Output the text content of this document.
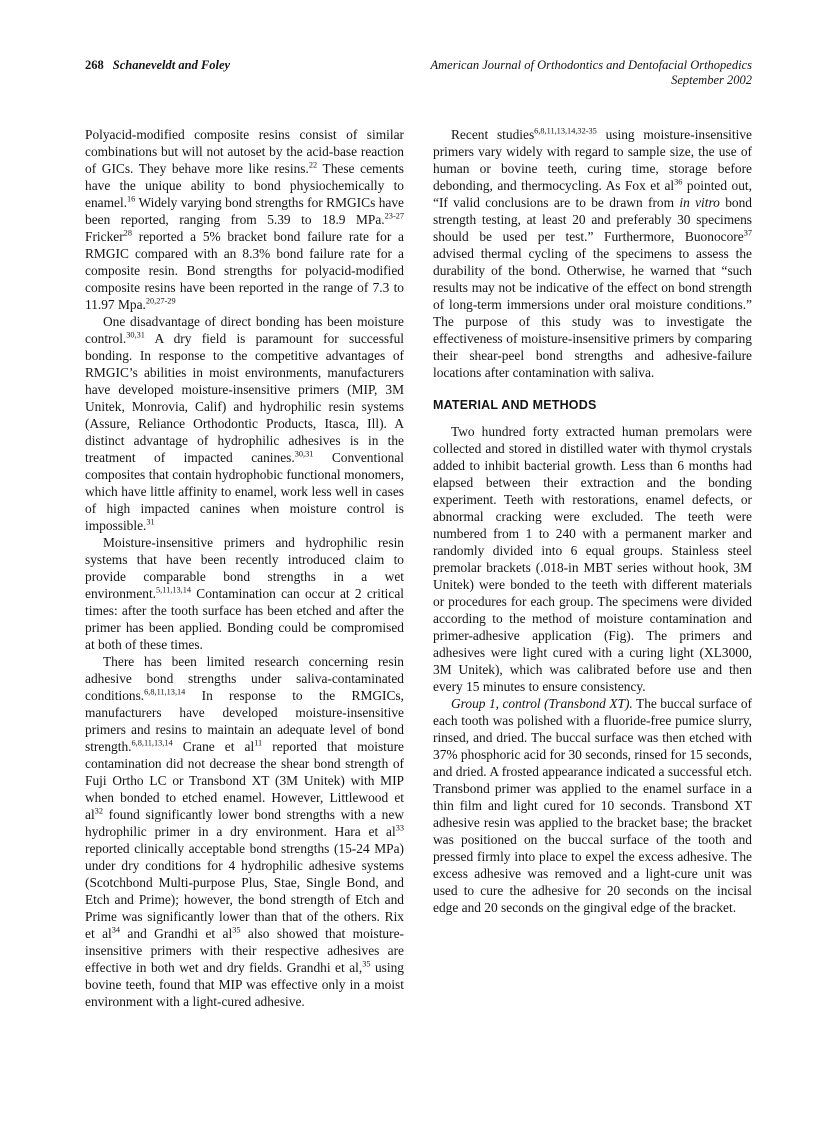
268 Schaneveldt and Foley	American Journal of Orthodontics and Dentofacial Orthopedics
September 2002

Polyacid-modified composite resins consist of similar combinations but will not autoset by the acid-base reaction of GICs. They behave more like resins.$^{22}$ These cements have the unique ability to bond physiochemically to enamel.$^{16}$ Widely varying bond strengths for RMGICs have been reported, ranging from 5.39 to 18.9 MPa.$^{23-27}$ Fricker$^{28}$ reported a 5% bracket bond failure rate for a RMGIC compared with an 8.3% bond failure rate for a composite resin. Bond strengths for polyacid-modified composite resins have been reported in the range of 7.3 to 11.97 Mpa.$^{20,27-29}$

One disadvantage of direct bonding has been moisture control.$^{30,31}$ A dry field is paramount for successful bonding. In response to the competitive advantages of RMGIC’s abilities in moist environments, manufacturers have developed moisture-insensitive primers (MIP, 3M Unitek, Monrovia, Calif) and hydrophilic resin systems (Assure, Reliance Orthodontic Products, Itasca, Ill). A distinct advantage of hydrophilic adhesives is in the treatment of impacted canines.$^{30,31}$ Conventional composites that contain hydrophobic functional monomers, which have little affinity to enamel, work less well in cases of high impacted canines when moisture control is impossible.$^{31}$

Moisture-insensitive primers and hydrophilic resin systems that have been recently introduced claim to provide comparable bond strengths in a wet environment.$^{5,11,13,14}$ Contamination can occur at 2 critical times: after the tooth surface has been etched and after the primer has been applied. Bonding could be compromised at both of these times.

There has been limited research concerning resin adhesive bond strengths under saliva-contaminated conditions.$^{6,8,11,13,14}$ In response to the RMGICs, manufacturers have developed moisture-insensitive primers and resins to maintain an adequate level of bond strength.$^{6,8,11,13,14}$ Crane et $al^{11}$ reported that moisture contamination did not decrease the shear bond strength of Fuji Ortho LC or Transbond XT (3M Unitek) with MIP when bonded to etched enamel. However, Littlewood et $al^{32}$ found significantly lower bond strengths with a new hydrophilic primer in a dry environment. Hara et $al^{33}$ reported clinically acceptable bond strengths (15-24 MPa) under dry conditions for 4 hydrophilic adhesive systems (Scotchbond Multi-purpose Plus, Stae, Single Bond, and Etch and Prime); however, the bond strength of Etch and Prime was significantly lower than that of the others. Rix et $al^{34}$ and Grandhi et $al^{35}$ also showed that moisture-insensitive primers with their respective adhesives are effective in both wet and dry fields. Grandhi et al,$^{35}$ using bovine teeth, found that MIP was effective only in a moist environment with a light-cured adhesive.

Recent studies$^{6,8,11,13,14,32-35}$ using moisture-insensitive primers vary widely with regard to sample size, the use of human or bovine teeth, curing time, storage before debonding, and thermocycling. As Fox et $al^{36}$ pointed out, “If valid conclusions are to be drawn from in vitro bond strength testing, at least 20 and preferably 30 specimens should be used per test.” Furthermore, Buonocore$^{37}$ advised thermal cycling of the specimens to assess the durability of the bond. Otherwise, he warned that “such results may not be indicative of the effect on bond strength of long-term immersions under oral moisture conditions.” The purpose of this study was to investigate the effectiveness of moisture-insensitive primers by comparing their shear-peel bond strengths and adhesive-failure locations after contamination with saliva.

MATERIAL AND METHODS

Two hundred forty extracted human premolars were collected and stored in distilled water with thymol crystals added to inhibit bacterial growth. Less than 6 months had elapsed between their extraction and the bonding experiment. Teeth with restorations, enamel defects, or abnormal cracking were excluded. The teeth were numbered from 1 to 240 with a permanent marker and randomly divided into 6 equal groups. Stainless steel premolar brackets (.018-in MBT series without hook, 3M Unitek) were bonded to the teeth with different materials or procedures for each group. The specimens were divided according to the method of moisture contamination and primer-adhesive application (Fig). The primers and adhesives were light cured with a curing light (XL3000, 3M Unitek), which was calibrated before use and then every 15 minutes to ensure consistency.

Group 1, control (Transbond XT). The buccal surface of each tooth was polished with a fluoride-free pumice slurry, rinsed, and dried. The buccal surface was then etched with 37% phosphoric acid for 30 seconds, rinsed for 15 seconds, and dried. A frosted appearance indicated a successful etch. Transbond primer was applied to the enamel surface in a thin film and light cured for 10 seconds. Transbond XT adhesive resin was applied to the bracket base; the bracket was positioned on the buccal surface of the tooth and pressed firmly into place to expel the excess adhesive. The excess adhesive was removed and a light-cure unit was used to cure the adhesive for 20 seconds on the incisal edge and 20 seconds on the gingival edge of the bracket.
